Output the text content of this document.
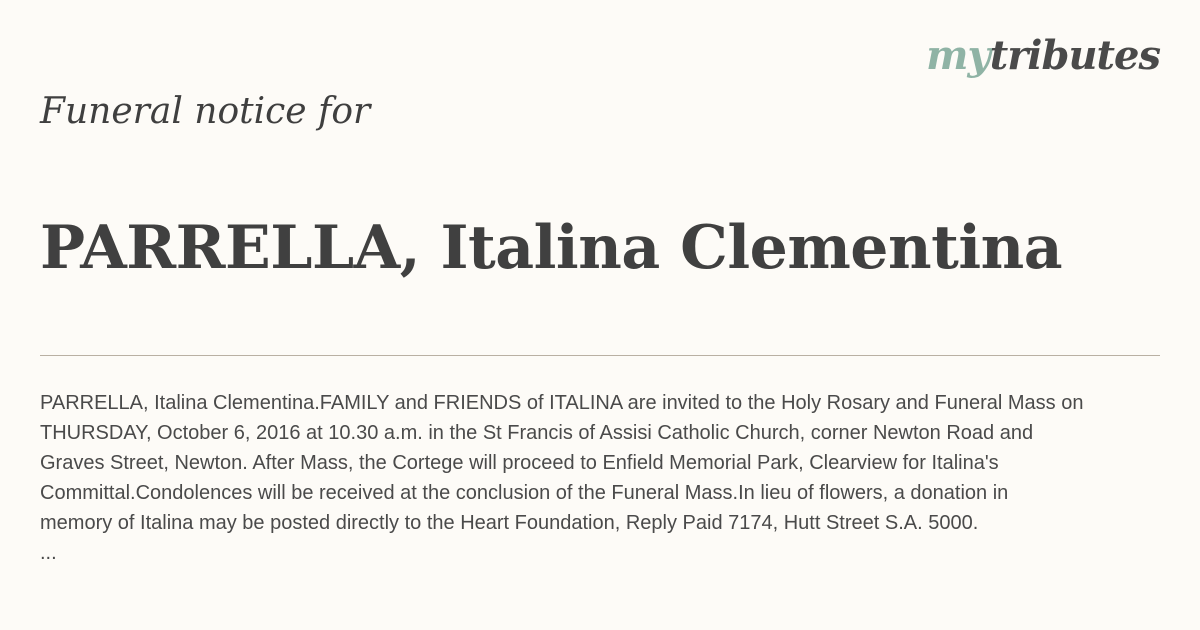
mytributes
Funeral notice for
PARRELLA, Italina Clementina

PARRELLA, Italina Clementina.FAMILY and FRIENDS of ITALINA are invited to the Holy Rosary and Funeral Mass on
THURSDAY, October 6, 2016 at 10.30 a.m. in the St Francis of Assisi Catholic Church, corner Newton Road and
Graves Street, Newton. After Mass, the Cortege will proceed to Enfield Memorial Park, Clearview for Italina's
Committal.Condolences will be received at the conclusion of the Funeral Mass.In lieu of flowers, a donation in
memory of Italina may be posted directly to the Heart Foundation, Reply Paid 7174, Hutt Street S.A. 5000.

...
